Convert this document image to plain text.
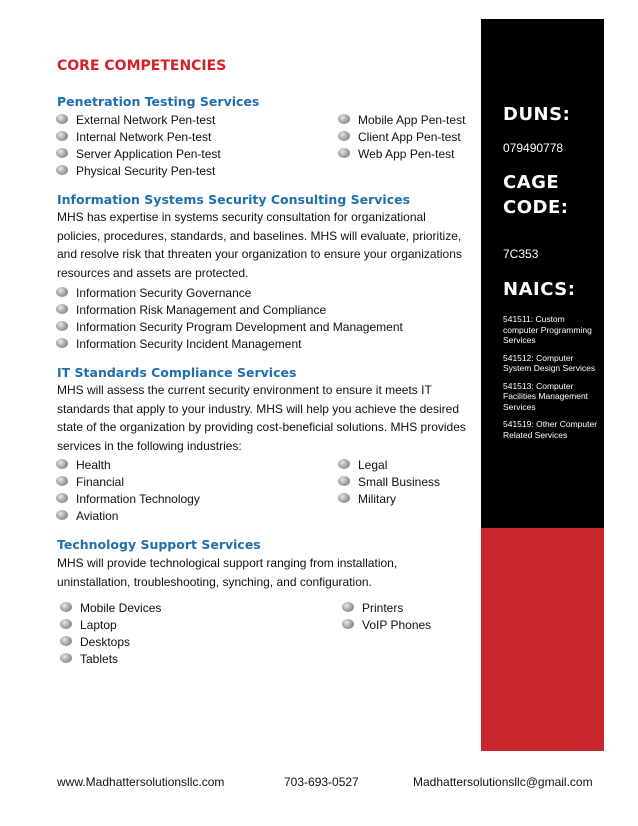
DUNS:
079490778
CAGE
CODE:
7C353
NAICS:
541511: Custom computer Programming Services
541512: Computer System Design Services
541513: Computer Facilities Management Services
541519: Other Computer Related Services
CORE COMPETENCIES
Penetration Testing Services
External Network Pen-test
Internal Network Pen-test
Server Application Pen-test
Physical Security Pen-test
Mobile App Pen-test
Client App Pen-test
Web App Pen-test
Information Systems Security Consulting Services

MHS has expertise in systems security consultation for organizational policies, procedures, standards, and baselines. MHS will evaluate, prioritize, and resolve risk that threaten your organization to ensure your organizations resources and assets are protected.

Information Security Governance
Information Risk Management and Compliance
Information Security Program Development and Management
Information Security Incident Management
IT Standards Compliance Services

MHS will assess the current security environment to ensure it meets IT standards that apply to your industry. MHS will help you achieve the desired state of the organization by providing cost-beneficial solutions. MHS provides services in the following industries:

Health
Financial
Information Technology
Aviation
Legal
Small Business
Military
Technology Support Services

MHS will provide technological support ranging from installation, uninstallation, troubleshooting, synching, and configuration.

Mobile Devices
Laptop
Desktops
Tablets
Printers
VoIP Phones
www.Madhattersolutionsllc.com	703-693-0527	Madhattersolutionsllc@gmail.com
